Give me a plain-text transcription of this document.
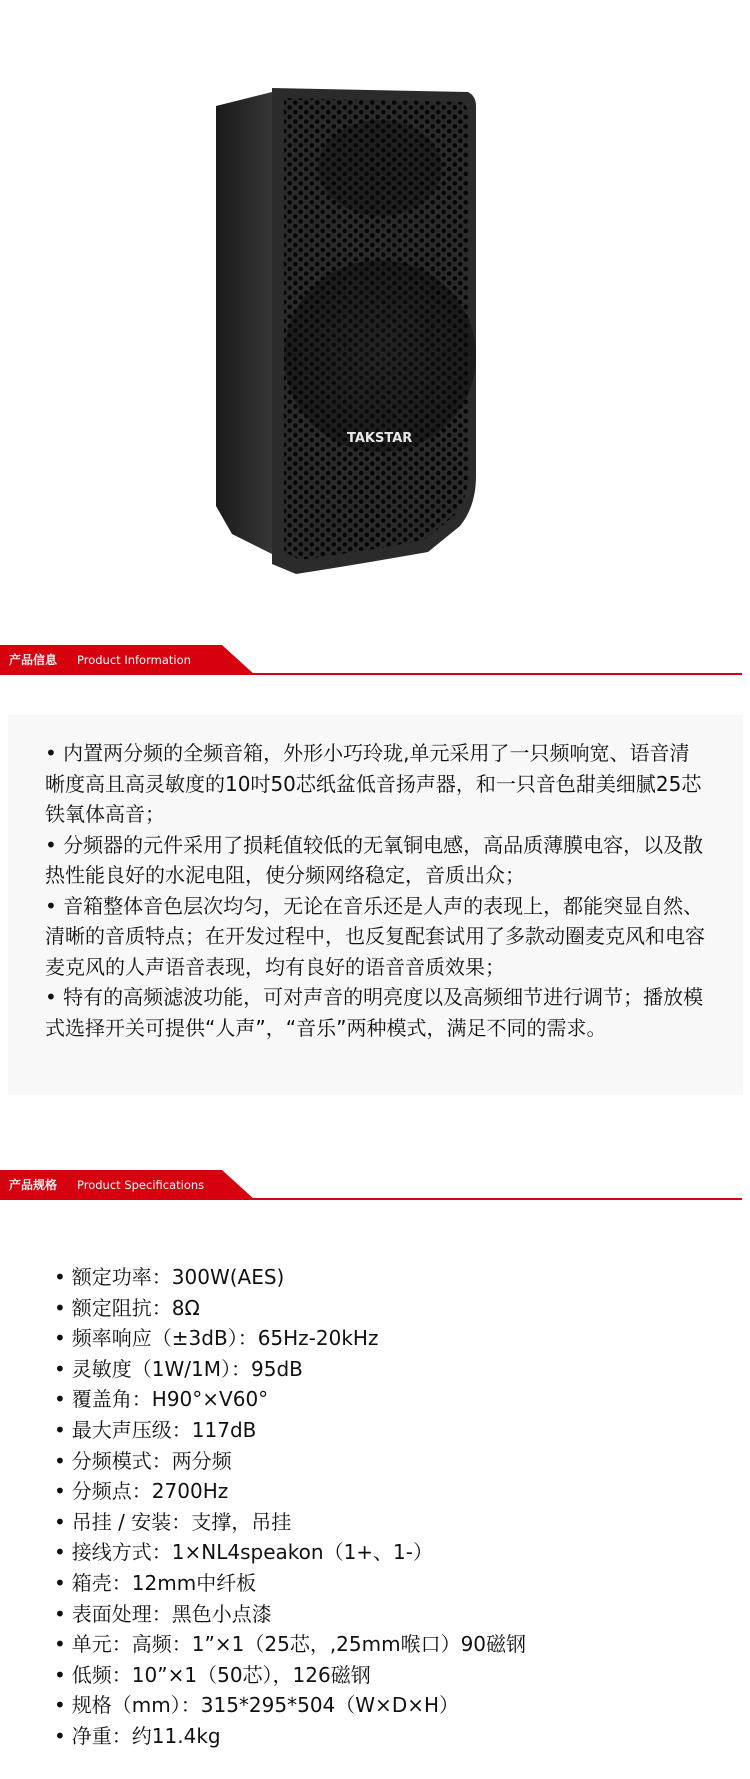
TAKSTAR
产品信息 Product Information

• 内置两分频的全频音箱，外形小巧玲珑,单元采用了一只频响宽、语音清晰度高且高灵敏度的10吋50芯纸盆低音扬声器，和一只音色甜美细腻25芯铁氧体高音；

• 分频器的元件采用了损耗值较低的无氧铜电感，高品质薄膜电容，以及散热性能良好的水泥电阻，使分频网络稳定，音质出众；

• 音箱整体音色层次均匀，无论在音乐还是人声的表现上，都能突显自然、清晰的音质特点；在开发过程中，也反复配套试用了多款动圈麦克风和电容麦克风的人声语音表现，均有良好的语音音质效果；

• 特有的高频滤波功能，可对声音的明亮度以及高频细节进行调节；播放模式选择开关可提供“人声”，“音乐”两种模式，满足不同的需求。

产品规格 Product Specifications
• 额定功率：300W(AES)
• 额定阻抗：8Ω
• 频率响应（±3dB）：65Hz-20kHz
• 灵敏度（1W/1M）：95dB
• 覆盖角：H90°×V60°
• 最大声压级：117dB
• 分频模式：两分频
• 分频点：2700Hz
• 吊挂 / 安装：支撑，吊挂
• 接线方式：1×NL4speakon（1+、1-）
• 箱壳：12mm中纤板
• 表面处理：黑色小点漆
• 单元：高频：1”×1（25芯，,25mm喉口）90磁钢
• 低频：10”×1（50芯），126磁钢
• 规格（mm）：315*295*504（W×D×H）
• 净重：约11.4kg
